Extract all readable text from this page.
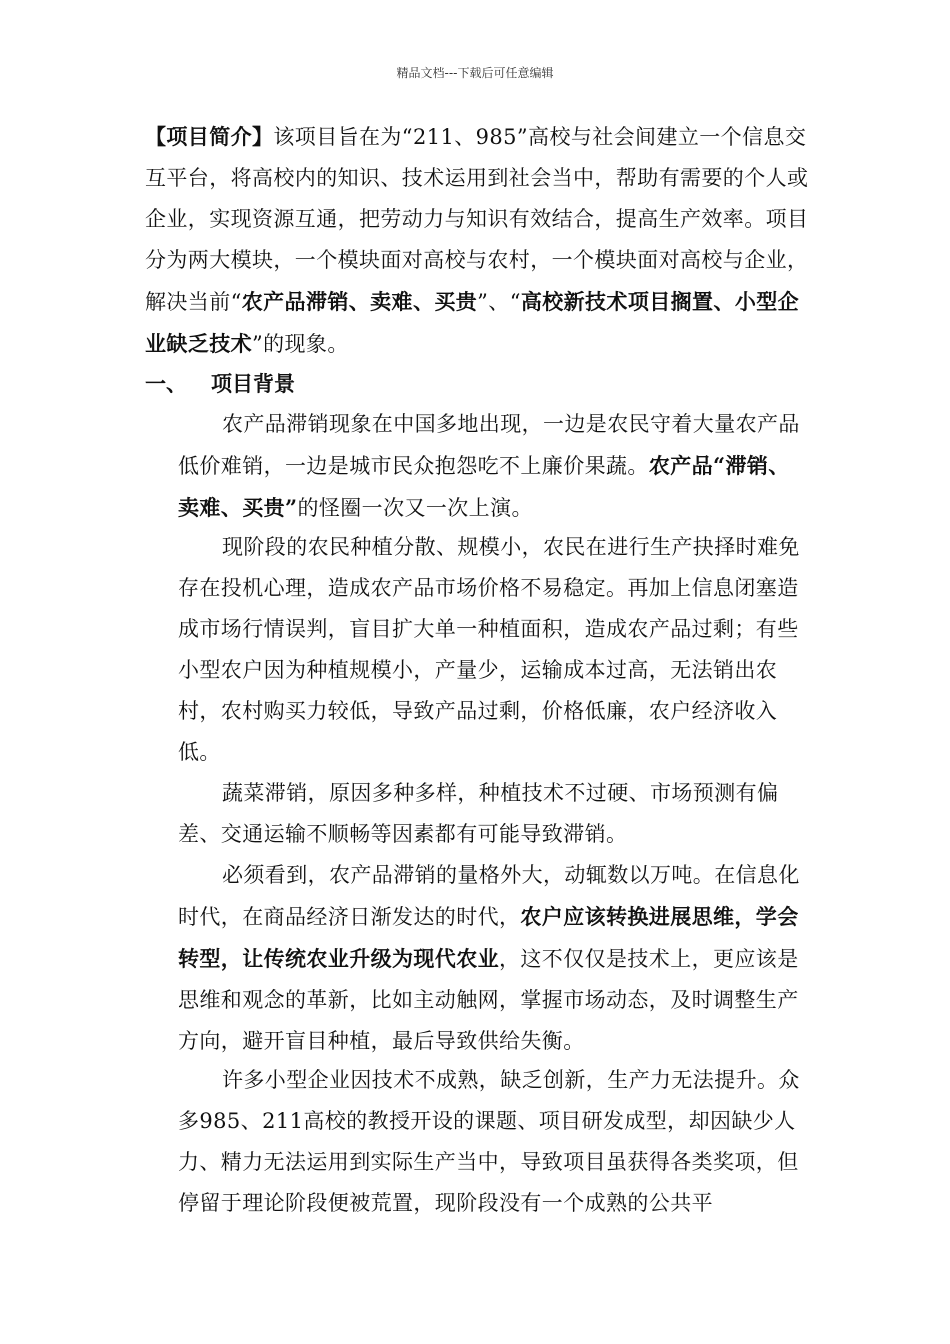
精品文档---下载后可任意编辑

【项目简介】该项目旨在为“211、985”高校与社会间建立一个信息交互平台，将高校内的知识、技术运用到社会当中，帮助有需要的个人或企业，实现资源互通，把劳动力与知识有效结合，提高生产效率。项目分为两大模块，一个模块面对高校与农村，一个模块面对高校与企业，解决当前“农产品滞销、卖难、买贵”、“高校新技术项目搁置、小型企业缺乏技术”的现象。

一、 项目背景

农产品滞销现象在中国多地出现，一边是农民守着大量农产品低价难销，一边是城市民众抱怨吃不上廉价果蔬。农产品“滞销、卖难、买贵”的怪圈一次又一次上演。

现阶段的农民种植分散、规模小，农民在进行生产抉择时难免存在投机心理，造成农产品市场价格不易稳定。再加上信息闭塞造成市场行情误判，盲目扩大单一种植面积，造成农产品过剩；有些小型农户因为种植规模小，产量少，运输成本过高，无法销出农村，农村购买力较低，导致产品过剩，价格低廉，农户经济收入低。

蔬菜滞销，原因多种多样，种植技术不过硬、市场预测有偏差、交通运输不顺畅等因素都有可能导致滞销。

必须看到，农产品滞销的量格外大，动辄数以万吨。在信息化时代，在商品经济日渐发达的时代，农户应该转换进展思维，学会转型，让传统农业升级为现代农业，这不仅仅是技术上，更应该是思维和观念的革新，比如主动触网，掌握市场动态，及时调整生产方向，避开盲目种植，最后导致供给失衡。

许多小型企业因技术不成熟，缺乏创新，生产力无法提升。众多985、211高校的教授开设的课题、项目研发成型，却因缺少人力、精力无法运用到实际生产当中，导致项目虽获得各类奖项，但停留于理论阶段便被荒置，现阶段没有一个成熟的公共平
